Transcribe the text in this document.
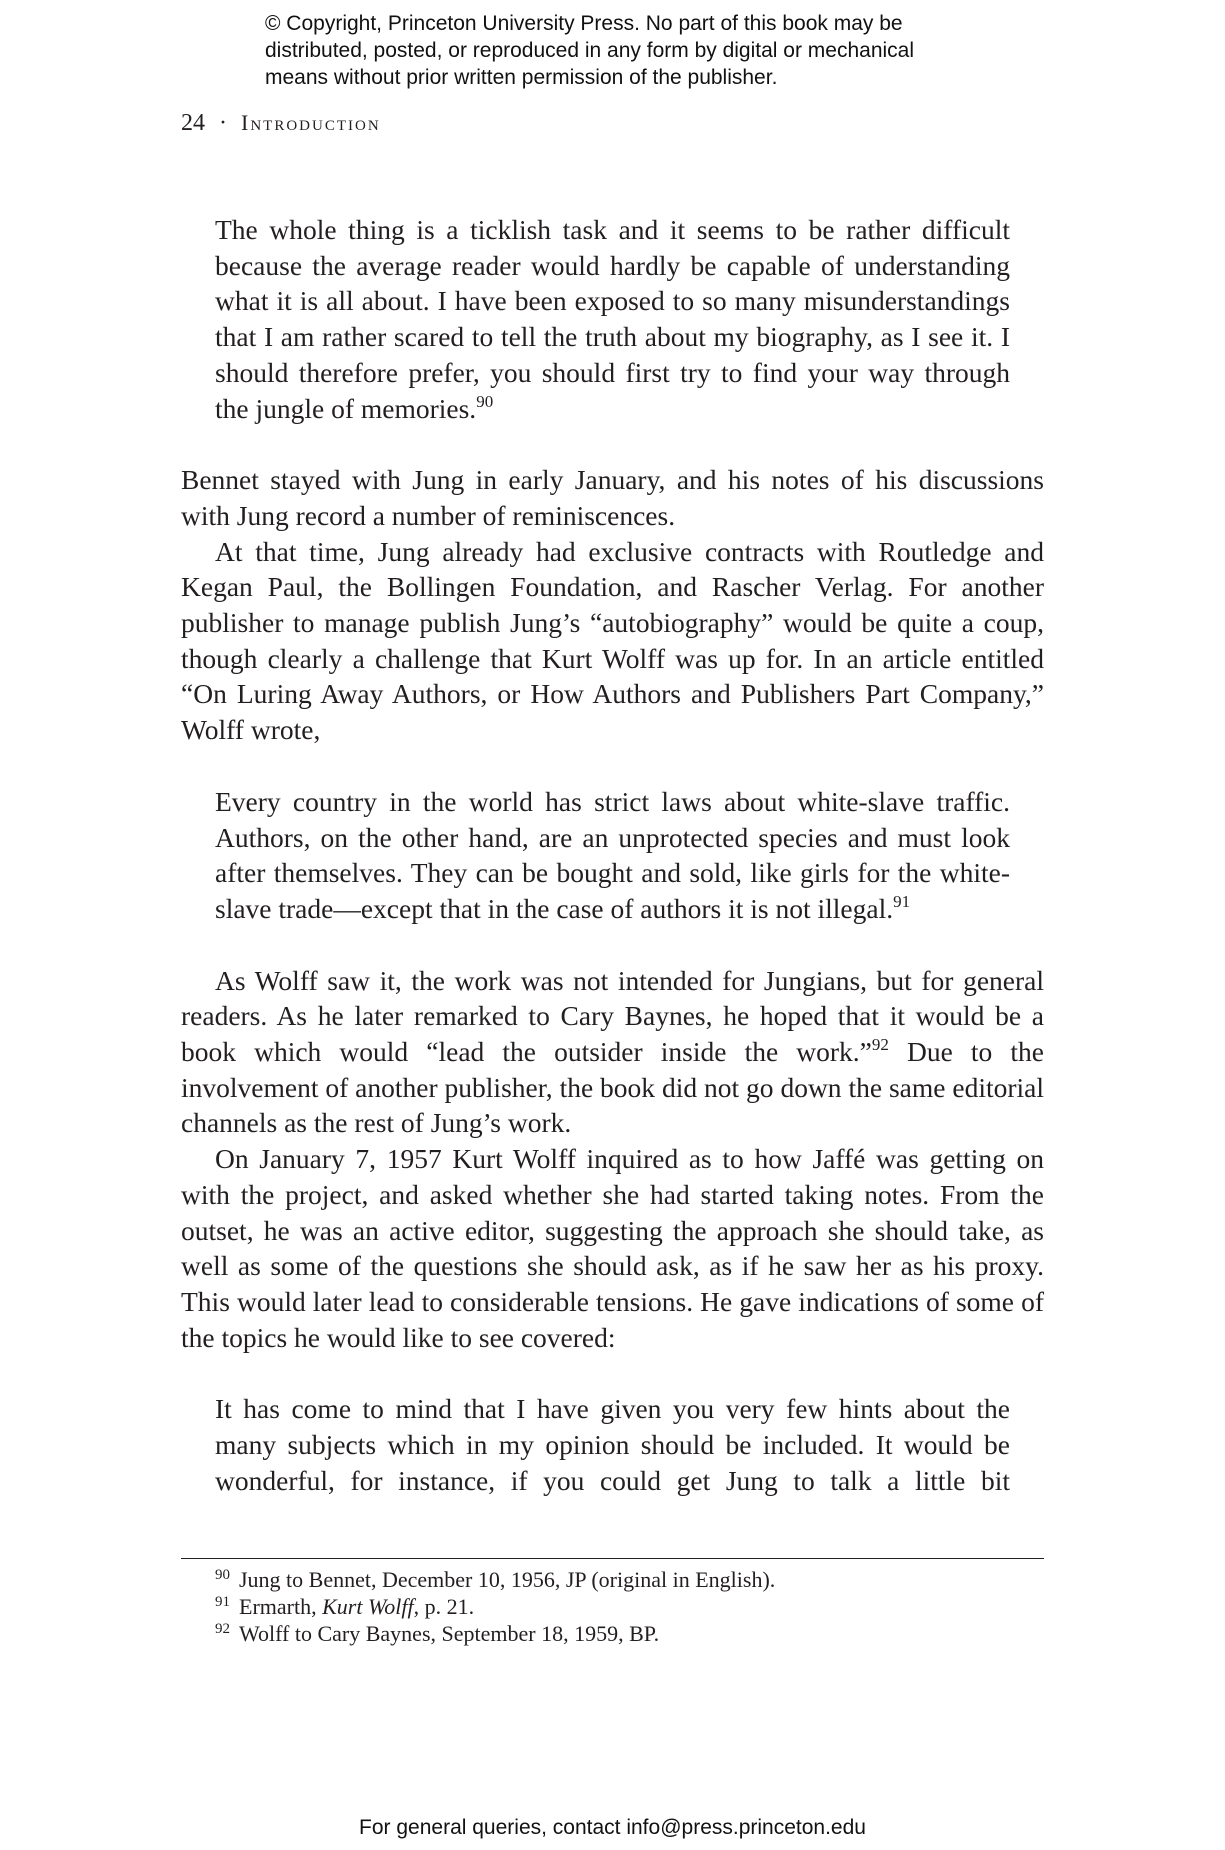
© Copyright, Princeton University Press. No part of this book may be
distributed, posted, or reproduced in any form by digital or mechanical
means without prior written permission of the publisher.
24 · Introduction

The whole thing is a ticklish task and it seems to be rather difficult because the average reader would hardly be capable of understanding what it is all about. I have been exposed to so many misunderstandings that I am rather scared to tell the truth about my biography, as I see it. I should therefore prefer, you should first try to find your way through the jungle of memories.$^{90}$

Bennet stayed with Jung in early January, and his notes of his discussions with Jung record a number of reminiscences.

At that time, Jung already had exclusive contracts with Routledge and Kegan Paul, the Bollingen Foundation, and Rascher Verlag. For another publisher to manage publish Jung’s “autobiography” would be quite a coup, though clearly a challenge that Kurt Wolff was up for. In an article entitled “On Luring Away Authors, or How Authors and Publishers Part Company,” Wolff wrote,

Every country in the world has strict laws about white-slave traffic. Authors, on the other hand, are an unprotected species and must look after themselves. They can be bought and sold, like girls for the white-slave trade—except that in the case of authors it is not illegal.$^{91}$

As Wolff saw it, the work was not intended for Jungians, but for general readers. As he later remarked to Cary Baynes, he hoped that it would be a book which would “lead the outsider inside the work.”$^{92}$ Due to the involvement of another publisher, the book did not go down the same editorial channels as the rest of Jung’s work.

On January 7, 1957 Kurt Wolff inquired as to how Jaffé was getting on with the project, and asked whether she had started taking notes. From the outset, he was an active editor, suggesting the approach she should take, as well as some of the questions she should ask, as if he saw her as his proxy. This would later lead to considerable tensions. He gave indications of some of the topics he would like to see covered:

It has come to mind that I have given you very few hints about the many subjects which in my opinion should be included. It would be wonderful, for instance, if you could get Jung to talk a little bit

$^{90}$ Jung to Bennet, December 10, 1956, JP (original in English).
$^{91}$ Ermarth, Kurt Wolff, p. 21.
$^{92}$ Wolff to Cary Baynes, September 18, 1959, BP.
For general queries, contact info@press.princeton.edu
